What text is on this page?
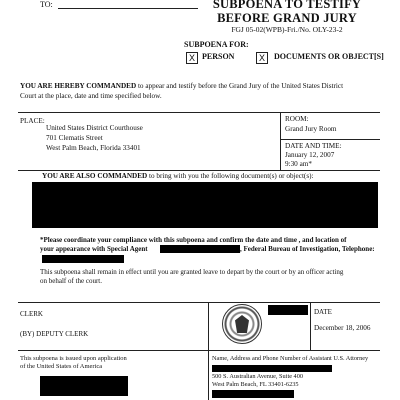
TO:	SUBPOENA TO TESTIFY
BEFORE GRAND JURY
FGJ 05-02(WPB)-Fri./No. OLY-23-2
SUBPOENA FOR:
X PERSON	X	DOCUMENTS OR OBJECT[S]
YOU ARE HEREBY COMMANDED to appear and testify before the Grand Jury of the United States District
Court at the place, date and time specified below.
PLACE:
United States District Courthouse
701 Clematis Street
West Palm Beach, Florida 33401
ROOM:
Grand Jury Room
DATE AND TIME:
January 12, 2007
9:30 am*
YOU ARE ALSO COMMANDED to bring with you the following document(s) or object(s):
*Please coordinate your compliance with this subpoena and confirm the date and time , and location of
your appearance with Special Agent	, Federal Bureau of Investigation, Telephone:
This subpoena shall remain in effect until you are granted leave to depart by the court or by an officer acting
on behalf of the court.
CLERK
(BY) DEPUTY CLERK
DATE
December 18, 2006
This subpoena is issued upon application
of the United States of America
Name, Address and Phone Number of Assistant U.S. Attorney
500 S. Australian Avenue, Suite 400
West Palm Beach, FL 33401-6235
